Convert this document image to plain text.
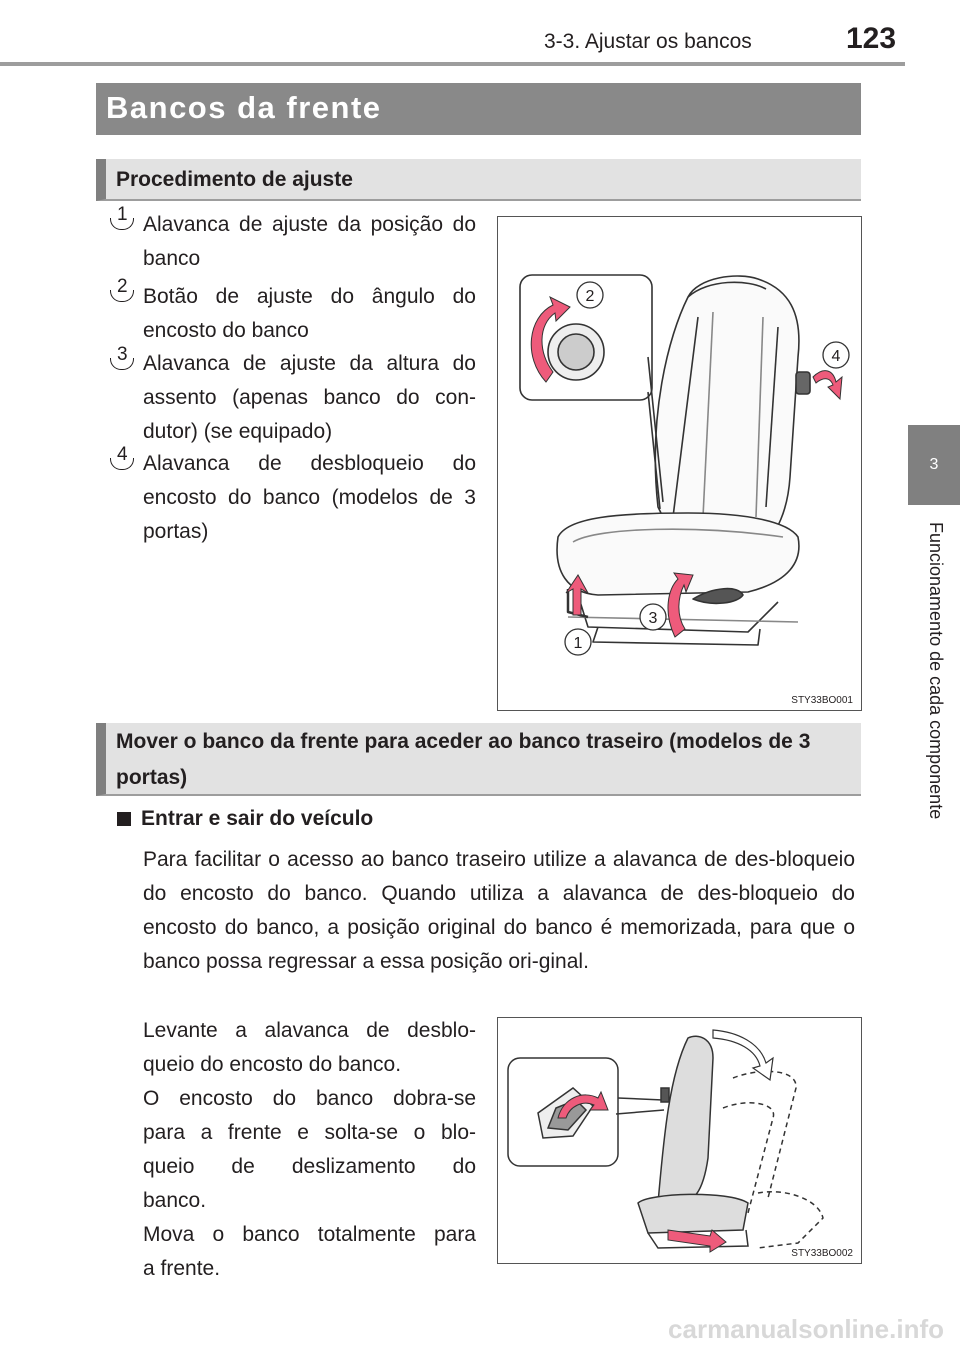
3-3. Ajustar os bancos	123
3
Funcionamento de cada componente
Bancos da frente
Procedimento de ajuste
1 Alavanca de ajuste da posição do banco
2 Botão de ajuste do ângulo do encosto do banco
3 Alavanca de ajuste da altura do assento (apenas banco do con-dutor) (se equipado)
4 Alavanca de desbloqueio do encosto do banco (modelos de 3 portas)
2
4
3
1
STY33BO001
Mover o banco da frente para aceder ao banco traseiro (modelos de 3 portas)
Entrar e sair do veículo
Para facilitar o acesso ao banco traseiro utilize a alavanca de des-bloqueio do encosto do banco. Quando utiliza a alavanca de des-bloqueio do encosto do banco, a posição original do banco é memorizada, para que o banco possa regressar a essa posição ori-ginal.

Levante a alavanca de desblo-

queio do encosto do banco.

O encosto do banco dobra-se

para a frente e solta-se o blo-

queio de deslizamento do

banco.

Mova o banco totalmente para

a frente.

STY33BO002
carmanualsonline.info
